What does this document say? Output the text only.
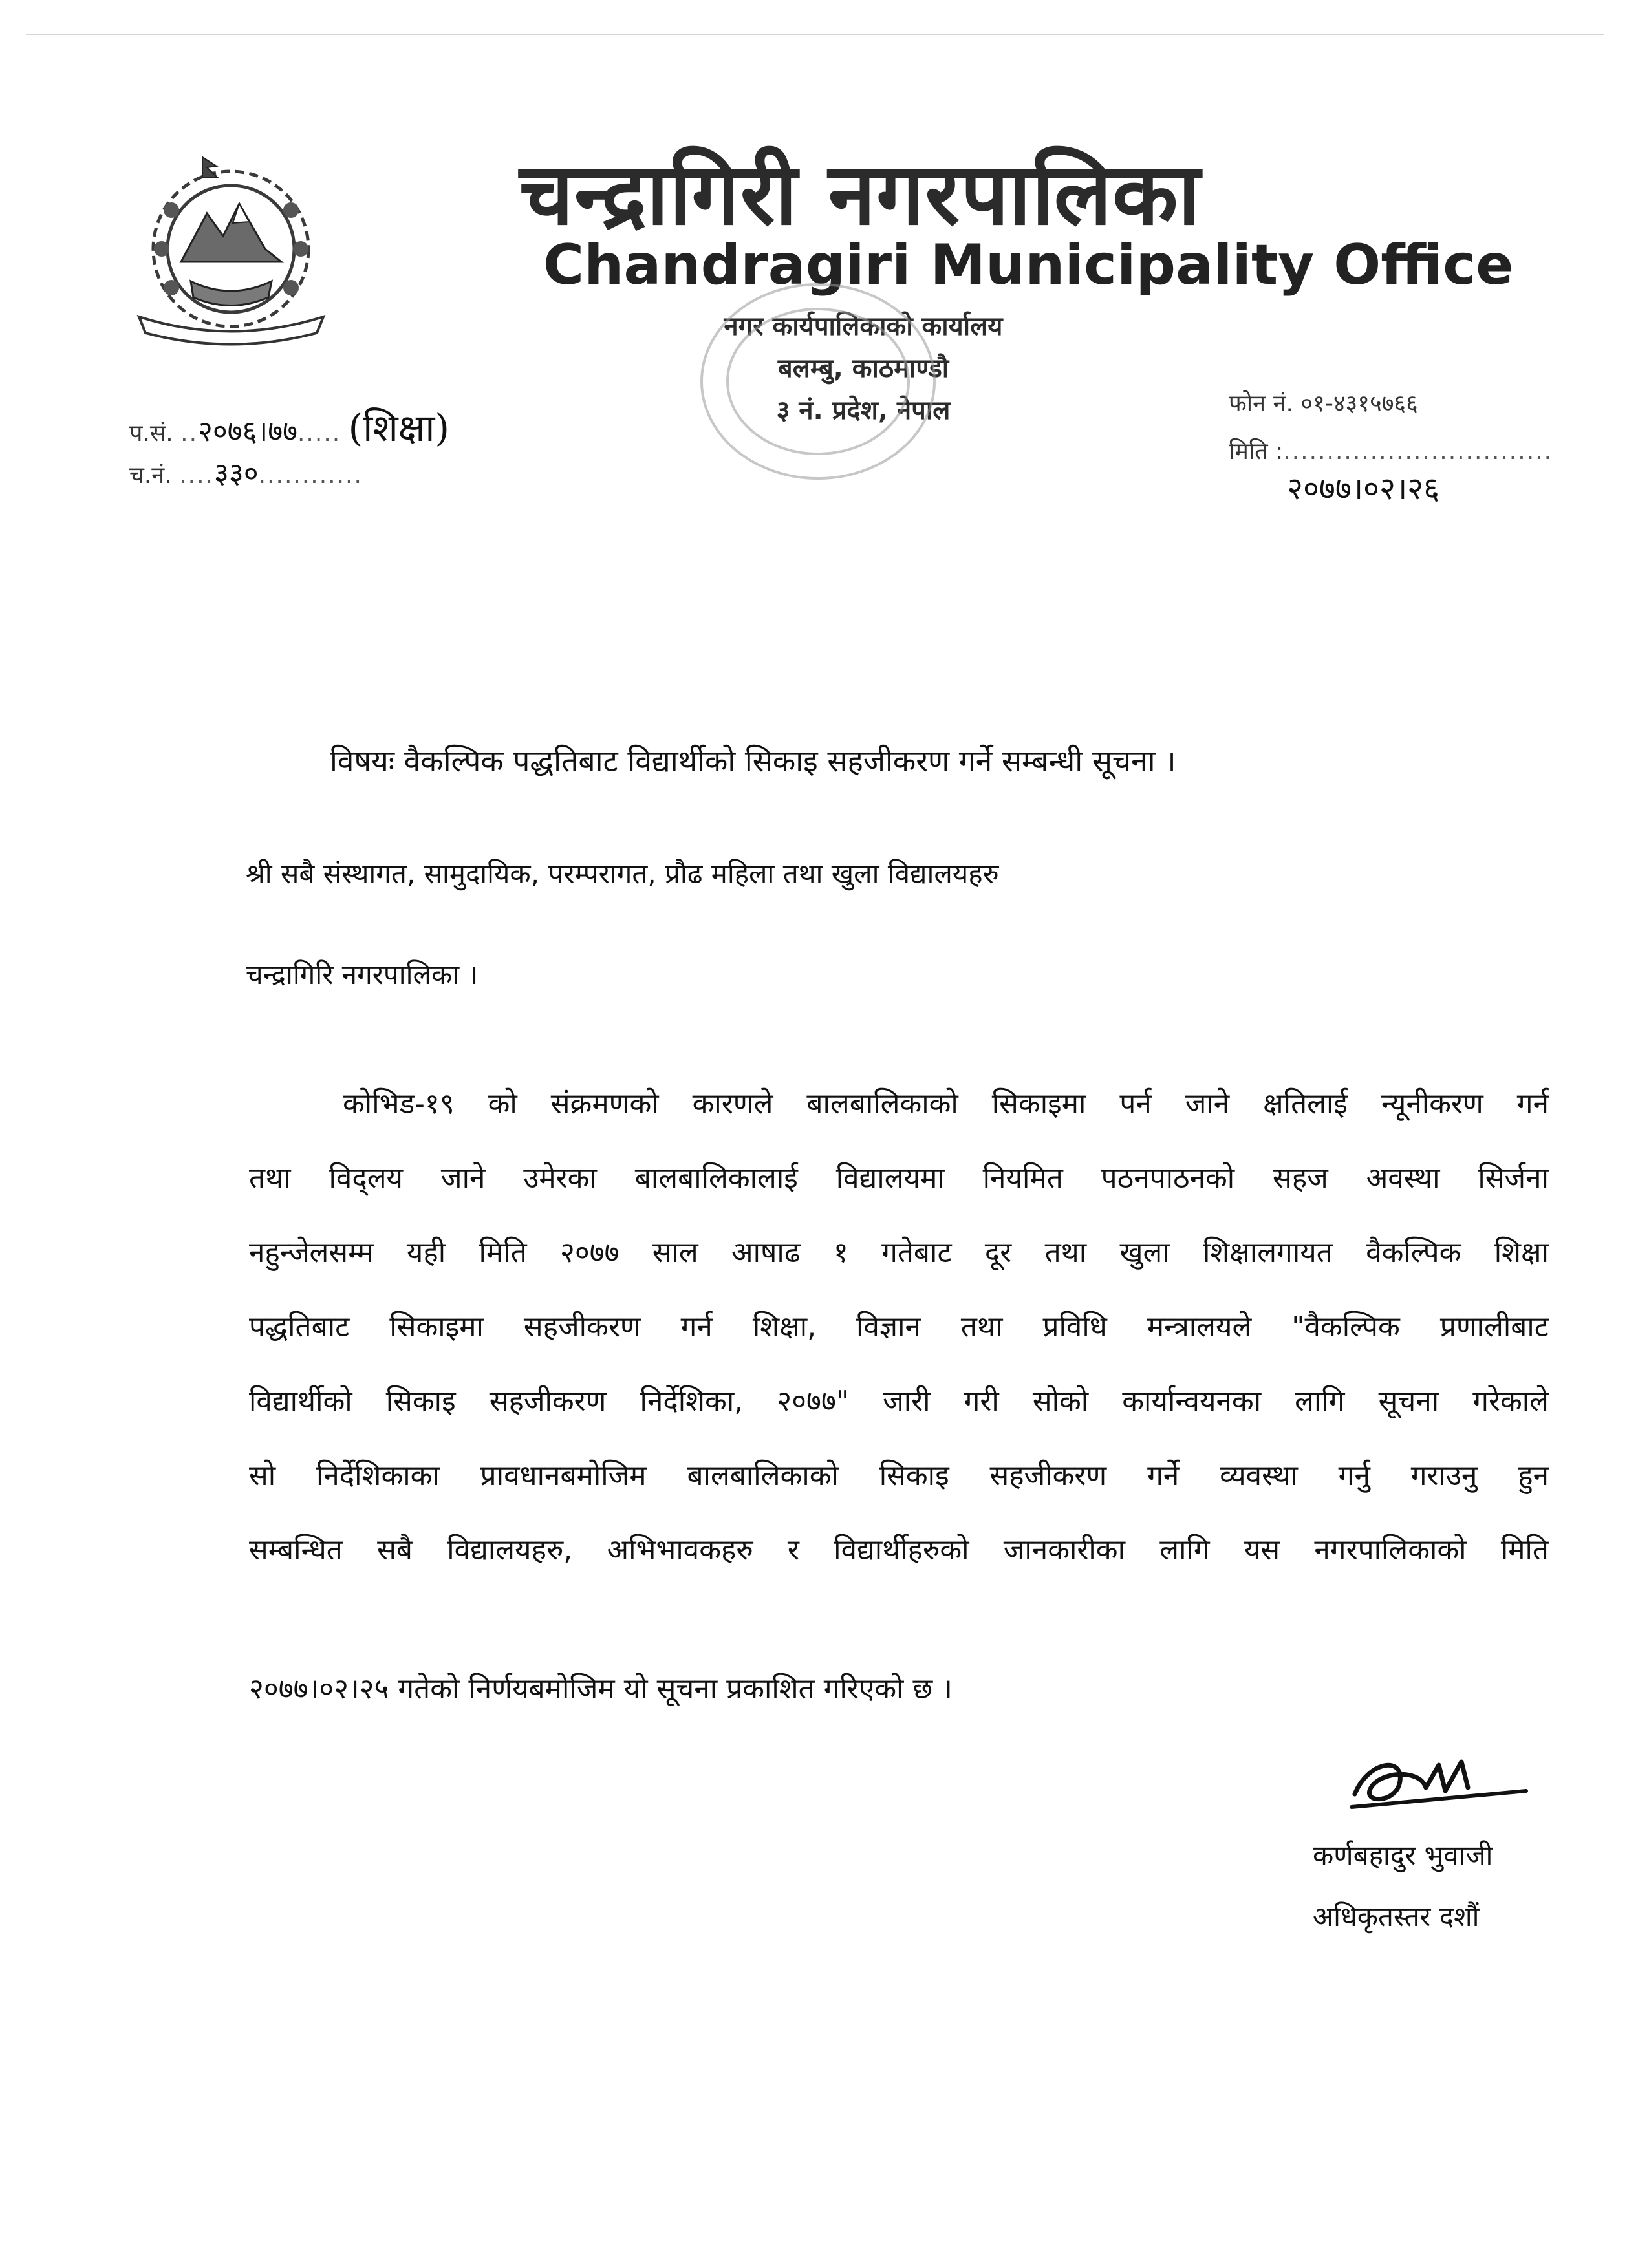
चन्द्रागिरी नगरपालिका
Chandragiri Municipality Office
नगर कार्यपालिकाको कार्यालय
बलम्बु, काठमाण्डौ
३ नं. प्रदेश, नेपाल
प.सं. ..२०७६।७७..... (शिक्षा)
च.नं. ....३३०............
फोन नं. ०१-४३१५७६६
मिति :...............................
२०७७।०२।२६
विषयः वैकल्पिक पद्धतिबाट विद्यार्थीको सिकाइ सहजीकरण गर्ने सम्बन्धी सूचना ।
श्री सबै संस्थागत, सामुदायिक, परम्परागत, प्रौढ महिला तथा खुला विद्यालयहरु
चन्द्रागिरि नगरपालिका ।
कोभिड-१९ को संक्रमणको कारणले बालबालिकाको सिकाइमा पर्न जाने क्षतिलाई न्यूनीकरण गर्न
तथा विद्लय जाने उमेरका बालबालिकालाई विद्यालयमा नियमित पठनपाठनको सहज अवस्था सिर्जना
नहुन्जेलसम्म यही मिति २०७७ साल आषाढ १ गतेबाट दूर तथा खुला शिक्षालगायत वैकल्पिक शिक्षा
पद्धतिबाट सिकाइमा सहजीकरण गर्न शिक्षा, विज्ञान तथा प्रविधि मन्त्रालयले "वैकल्पिक प्रणालीबाट
विद्यार्थीको सिकाइ सहजीकरण निर्देशिका, २०७७" जारी गरी सोको कार्यान्वयनका लागि सूचना गरेकाले
सो निर्देशिकाका प्रावधानबमोजिम बालबालिकाको सिकाइ सहजीकरण गर्ने व्यवस्था गर्नु गराउनु हुन
सम्बन्धित सबै विद्यालयहरु, अभिभावकहरु र विद्यार्थीहरुको जानकारीका लागि यस नगरपालिकाको मिति
२०७७।०२।२५ गतेको निर्णयबमोजिम यो सूचना प्रकाशित गरिएको छ ।
कर्णबहादुर भुवाजी
अधिकृतस्तर दशौं
